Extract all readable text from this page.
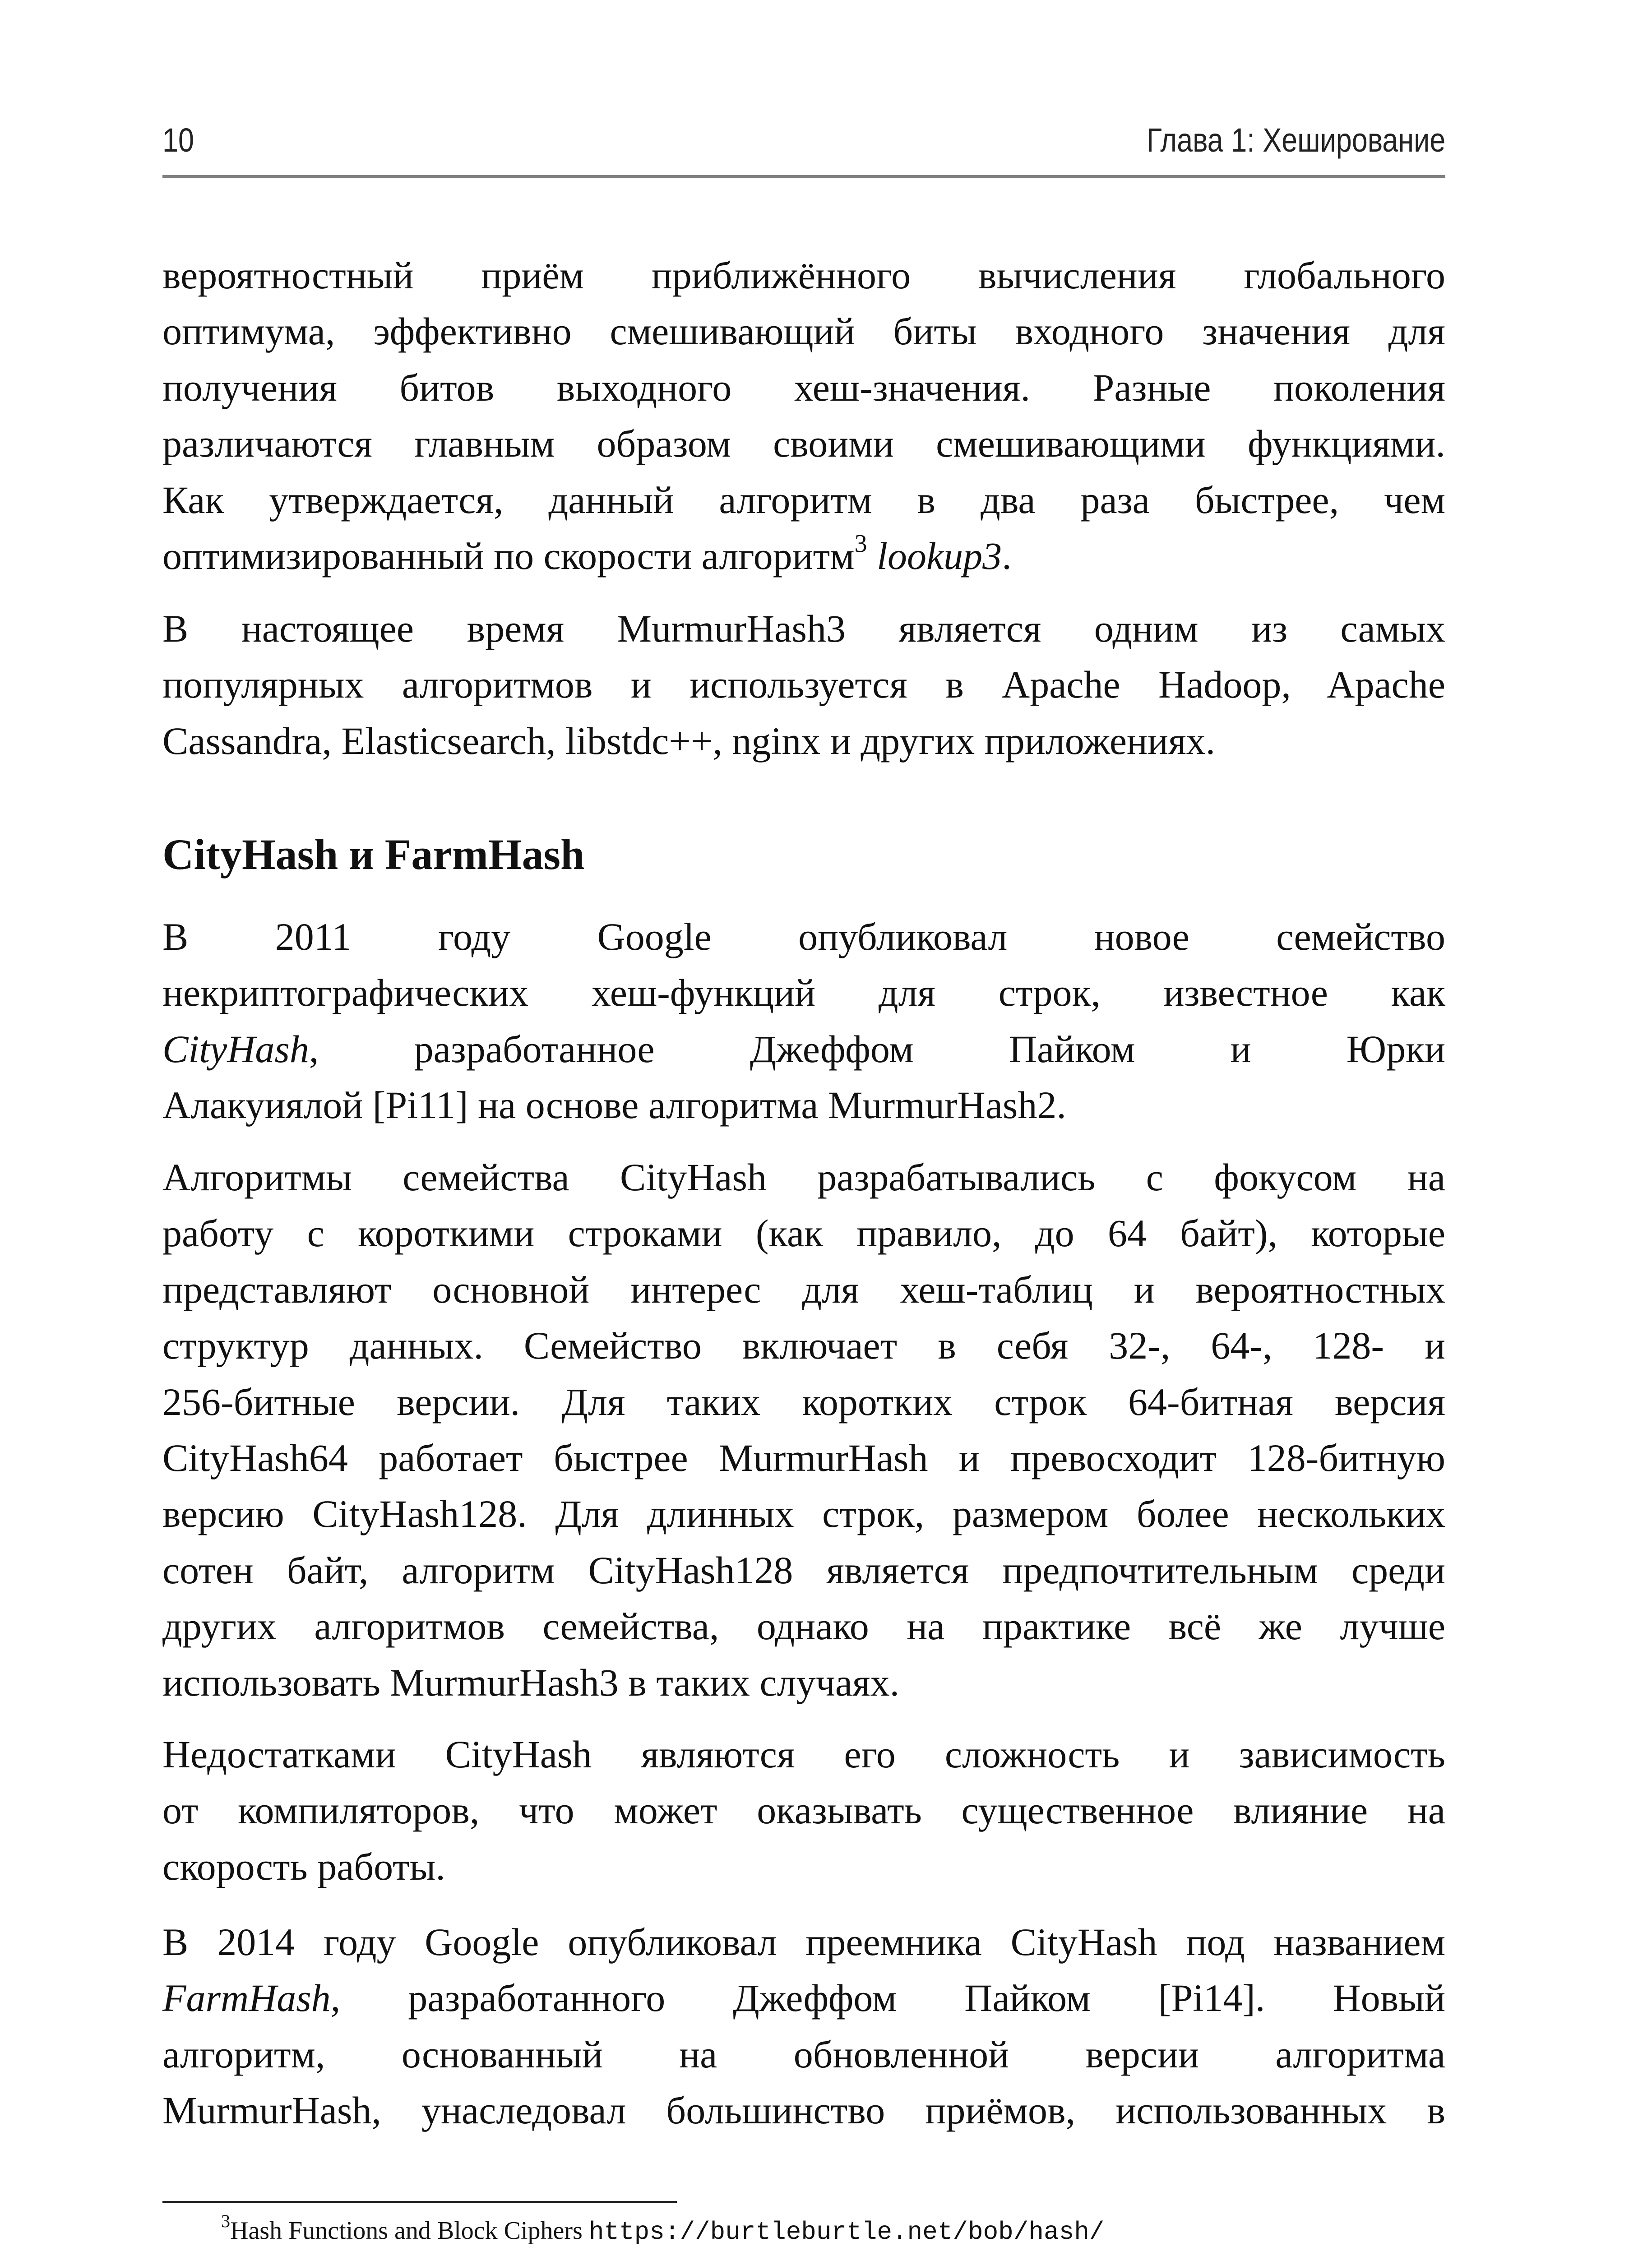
10	Глава 1: Хеширование
вероятностный приём приближённого вычисления глобального
оптимума, эффективно смешивающий биты входного значения для
получения битов выходного хеш-значения. Разные поколения
различаются главным образом своими смешивающими функциями.
Как утверждается, данный алгоритм в два раза быстрее, чем
оптимизированный по скорости алгоритм$^3$ lookup3.
В настоящее время MurmurHash3 является одним из самых
популярных алгоритмов и используется в Apache Hadoop, Apache
Cassandra, Elasticsearch, libstdc++, nginx и других приложениях.
CityHash и FarmHash
В 2011 году Google опубликовал новое семейство
некриптографических хеш-функций для строк, известное как
CityHash, разработанное Джеффом Пайком и Юрки
Алакуиялой [Pi11] на основе алгоритма MurmurHash2.
Алгоритмы семейства CityHash разрабатывались с фокусом на
работу с короткими строками (как правило, до 64 байт), которые
представляют основной интерес для хеш-таблиц и вероятностных
структур данных. Семейство включает в себя 32-, 64-, 128- и
256-битные версии. Для таких коротких строк 64-битная версия
CityHash64 работает быстрее MurmurHash и превосходит 128-битную
версию CityHash128. Для длинных строк, размером более нескольких
сотен байт, алгоритм CityHash128 является предпочтительным среди
других алгоритмов семейства, однако на практике всё же лучше
использовать MurmurHash3 в таких случаях.
Недостатками CityHash являются его сложность и зависимость
от компиляторов, что может оказывать существенное влияние на
скорость работы.
В 2014 году Google опубликовал преемника CityHash под названием
FarmHash, разработанного Джеффом Пайком [Pi14]. Новый
алгоритм, основанный на обновленной версии алгоритма
MurmurHash, унаследовал большинство приёмов, использованных в
$^3$Hash Functions and Block Ciphers https://burtleburtle.net/bob/hash/
